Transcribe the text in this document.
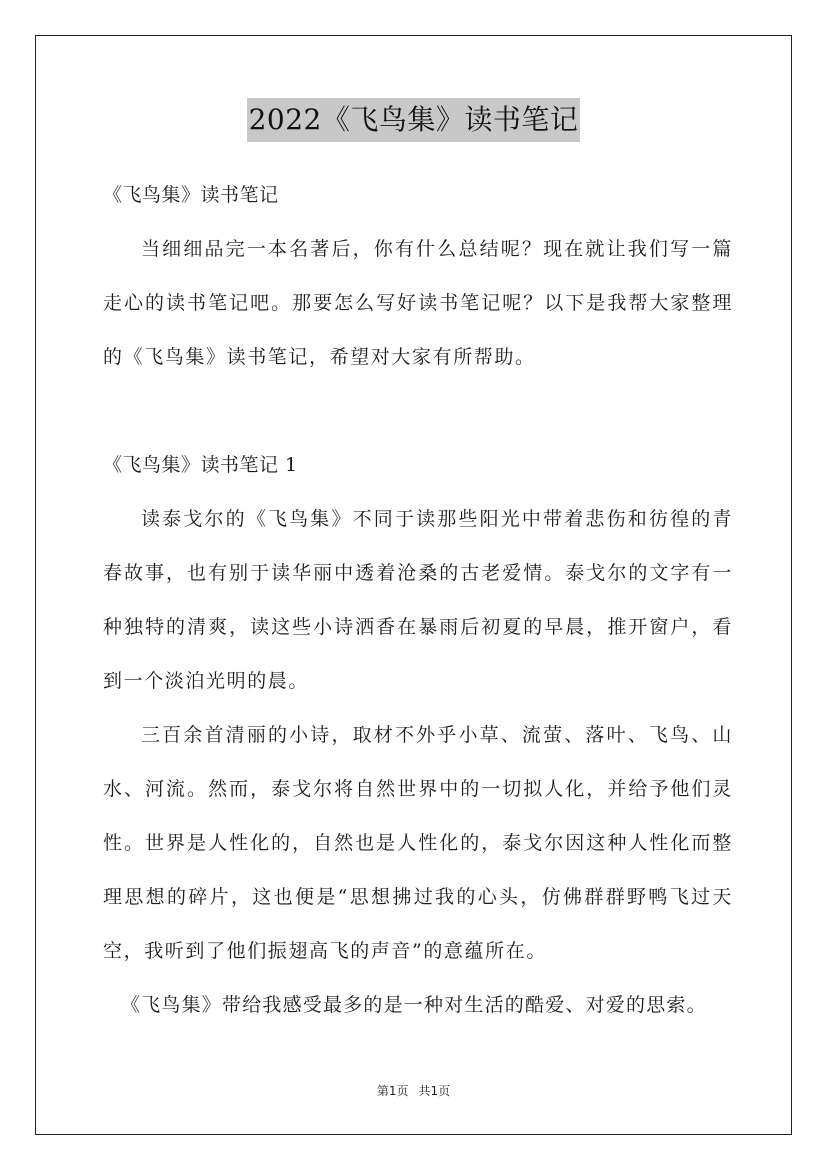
2022《飞鸟集》读书笔记

《飞鸟集》读书笔记

当细细品完一本名著后，你有什么总结呢？现在就让我们写一篇走心的读书笔记吧。那要怎么写好读书笔记呢？以下是我帮大家整理的《飞鸟集》读书笔记，希望对大家有所帮助。

《飞鸟集》读书笔记 1

读泰戈尔的《飞鸟集》不同于读那些阳光中带着悲伤和彷徨的青春故事，也有别于读华丽中透着沧桑的古老爱情。泰戈尔的文字有一种独特的清爽，读这些小诗洒香在暴雨后初夏的早晨，推开窗户，看到一个淡泊光明的晨。

三百余首清丽的小诗，取材不外乎小草、流萤、落叶、飞鸟、山水、河流。然而，泰戈尔将自然世界中的一切拟人化，并给予他们灵性。世界是人性化的，自然也是人性化的，泰戈尔因这种人性化而整理思想的碎片，这也便是“思想拂过我的心头，仿佛群群野鸭飞过天空，我听到了他们振翅高飞的声音”的意蕴所在。

《飞鸟集》带给我感受最多的是一种对生活的酷爱、对爱的思索。

第1页 共1页
